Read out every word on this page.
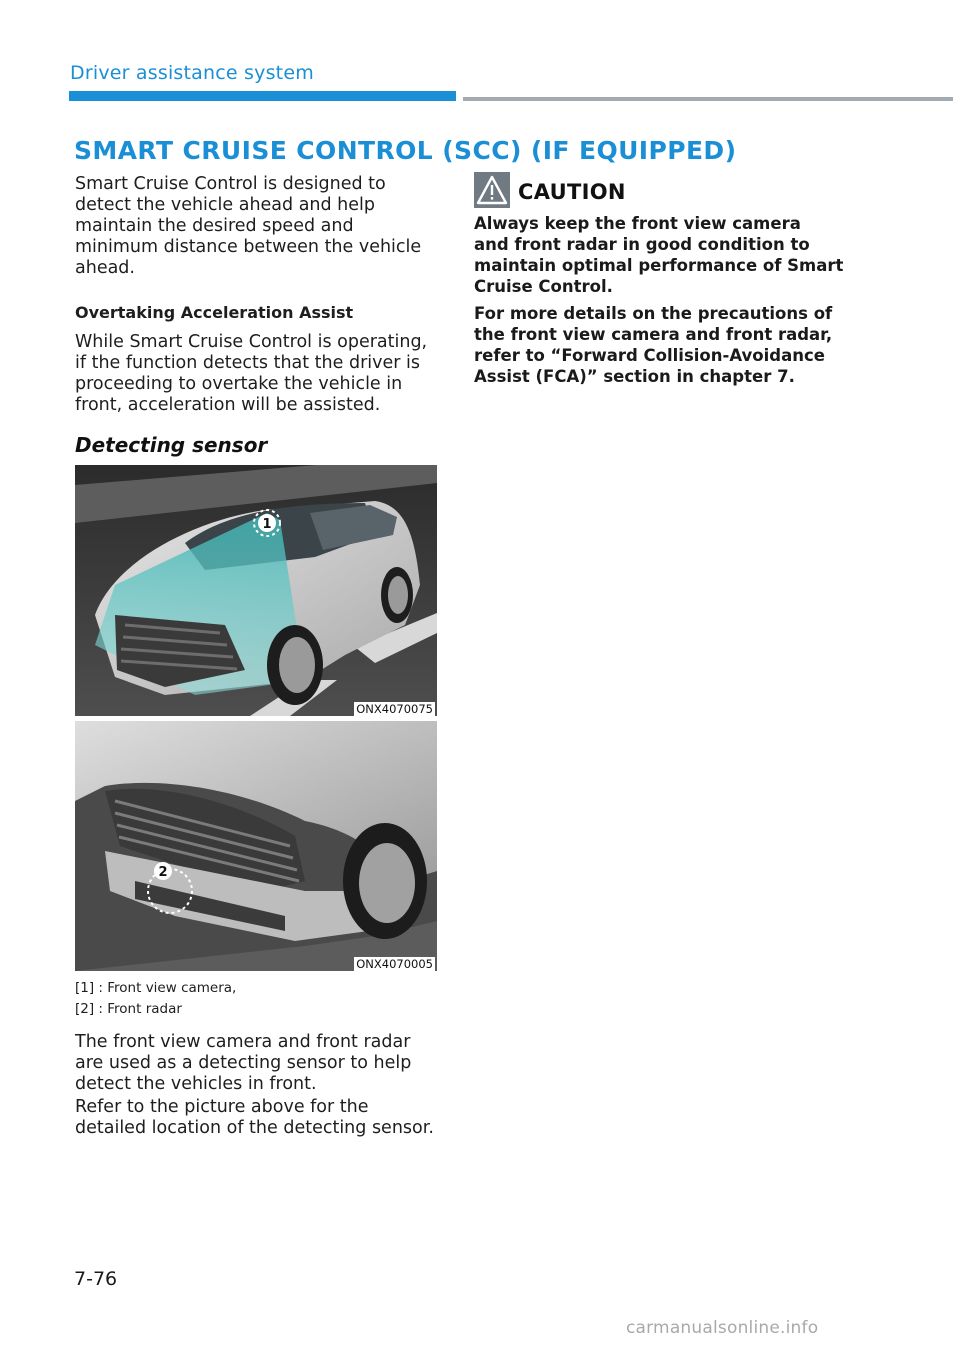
Driver assistance system
SMART CRUISE CONTROL (SCC) (IF EQUIPPED)
Smart Cruise Control is designed to
detect the vehicle ahead and help
maintain the desired speed and
minimum distance between the vehicle
ahead.
Overtaking Acceleration Assist
While Smart Cruise Control is operating,
if the function detects that the driver is
proceeding to overtake the vehicle in
front, acceleration will be assisted.
Detecting sensor
1
ONX4070075
2
ONX4070005
[1] : Front view camera,
[2] : Front radar
The front view camera and front radar
are used as a detecting sensor to help
detect the vehicles in front.
Refer to the picture above for the
detailed location of the detecting sensor.
CAUTION
Always keep the front view camera
and front radar in good condition to
maintain optimal performance of Smart
Cruise Control.
For more details on the precautions of
the front view camera and front radar,
refer to “Forward Collision-Avoidance
Assist (FCA)” section in chapter 7.
7-76
carmanualsonline.info
